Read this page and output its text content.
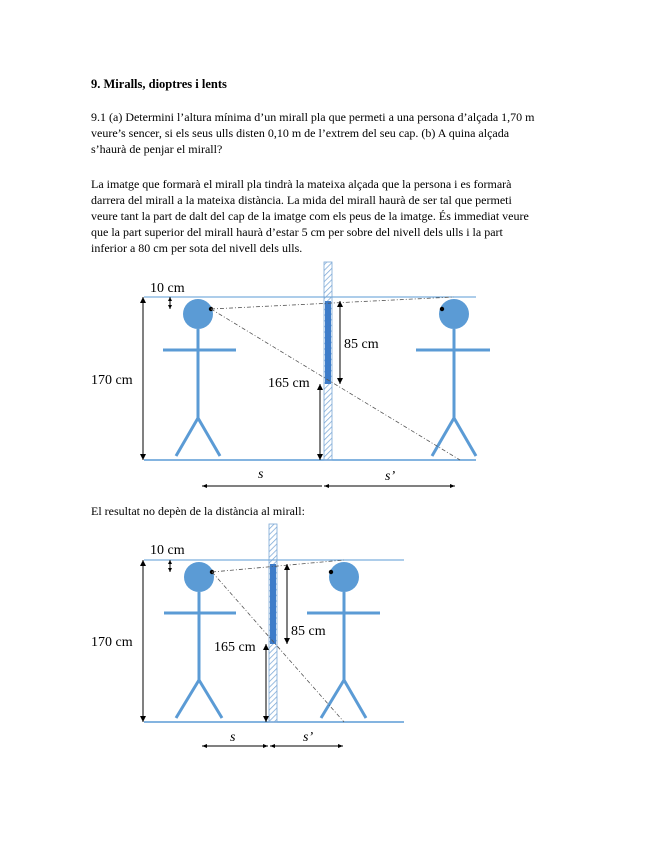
9. Miralls, dioptres i lents

9.1 (a) Determini l’altura mínima d’un mirall pla que permeti a una persona d’alçada 1,70 m
veure’s sencer, si els seus ulls disten 0,10 m de l’extrem del seu cap. (b) A quina alçada
s’haurà de penjar el mirall?
La imatge que formarà el mirall pla tindrà la mateixa alçada que la persona i es formarà
darrera del mirall a la mateixa distància. La mida del mirall haurà de ser tal que permeti
veure tant la part de dalt del cap de la imatge com els peus de la imatge. És immediat veure
que la part superior del mirall haurà d’estar 5 cm per sobre del nivell dels ulls i la part
inferior a 80 cm per sota del nivell dels ulls.

El resultat no depèn de la distància al mirall:

10 cm
170 cm
85 cm
165 cm
s	s’
10 cm
170 cm
85 cm
165 cm
s	s’
